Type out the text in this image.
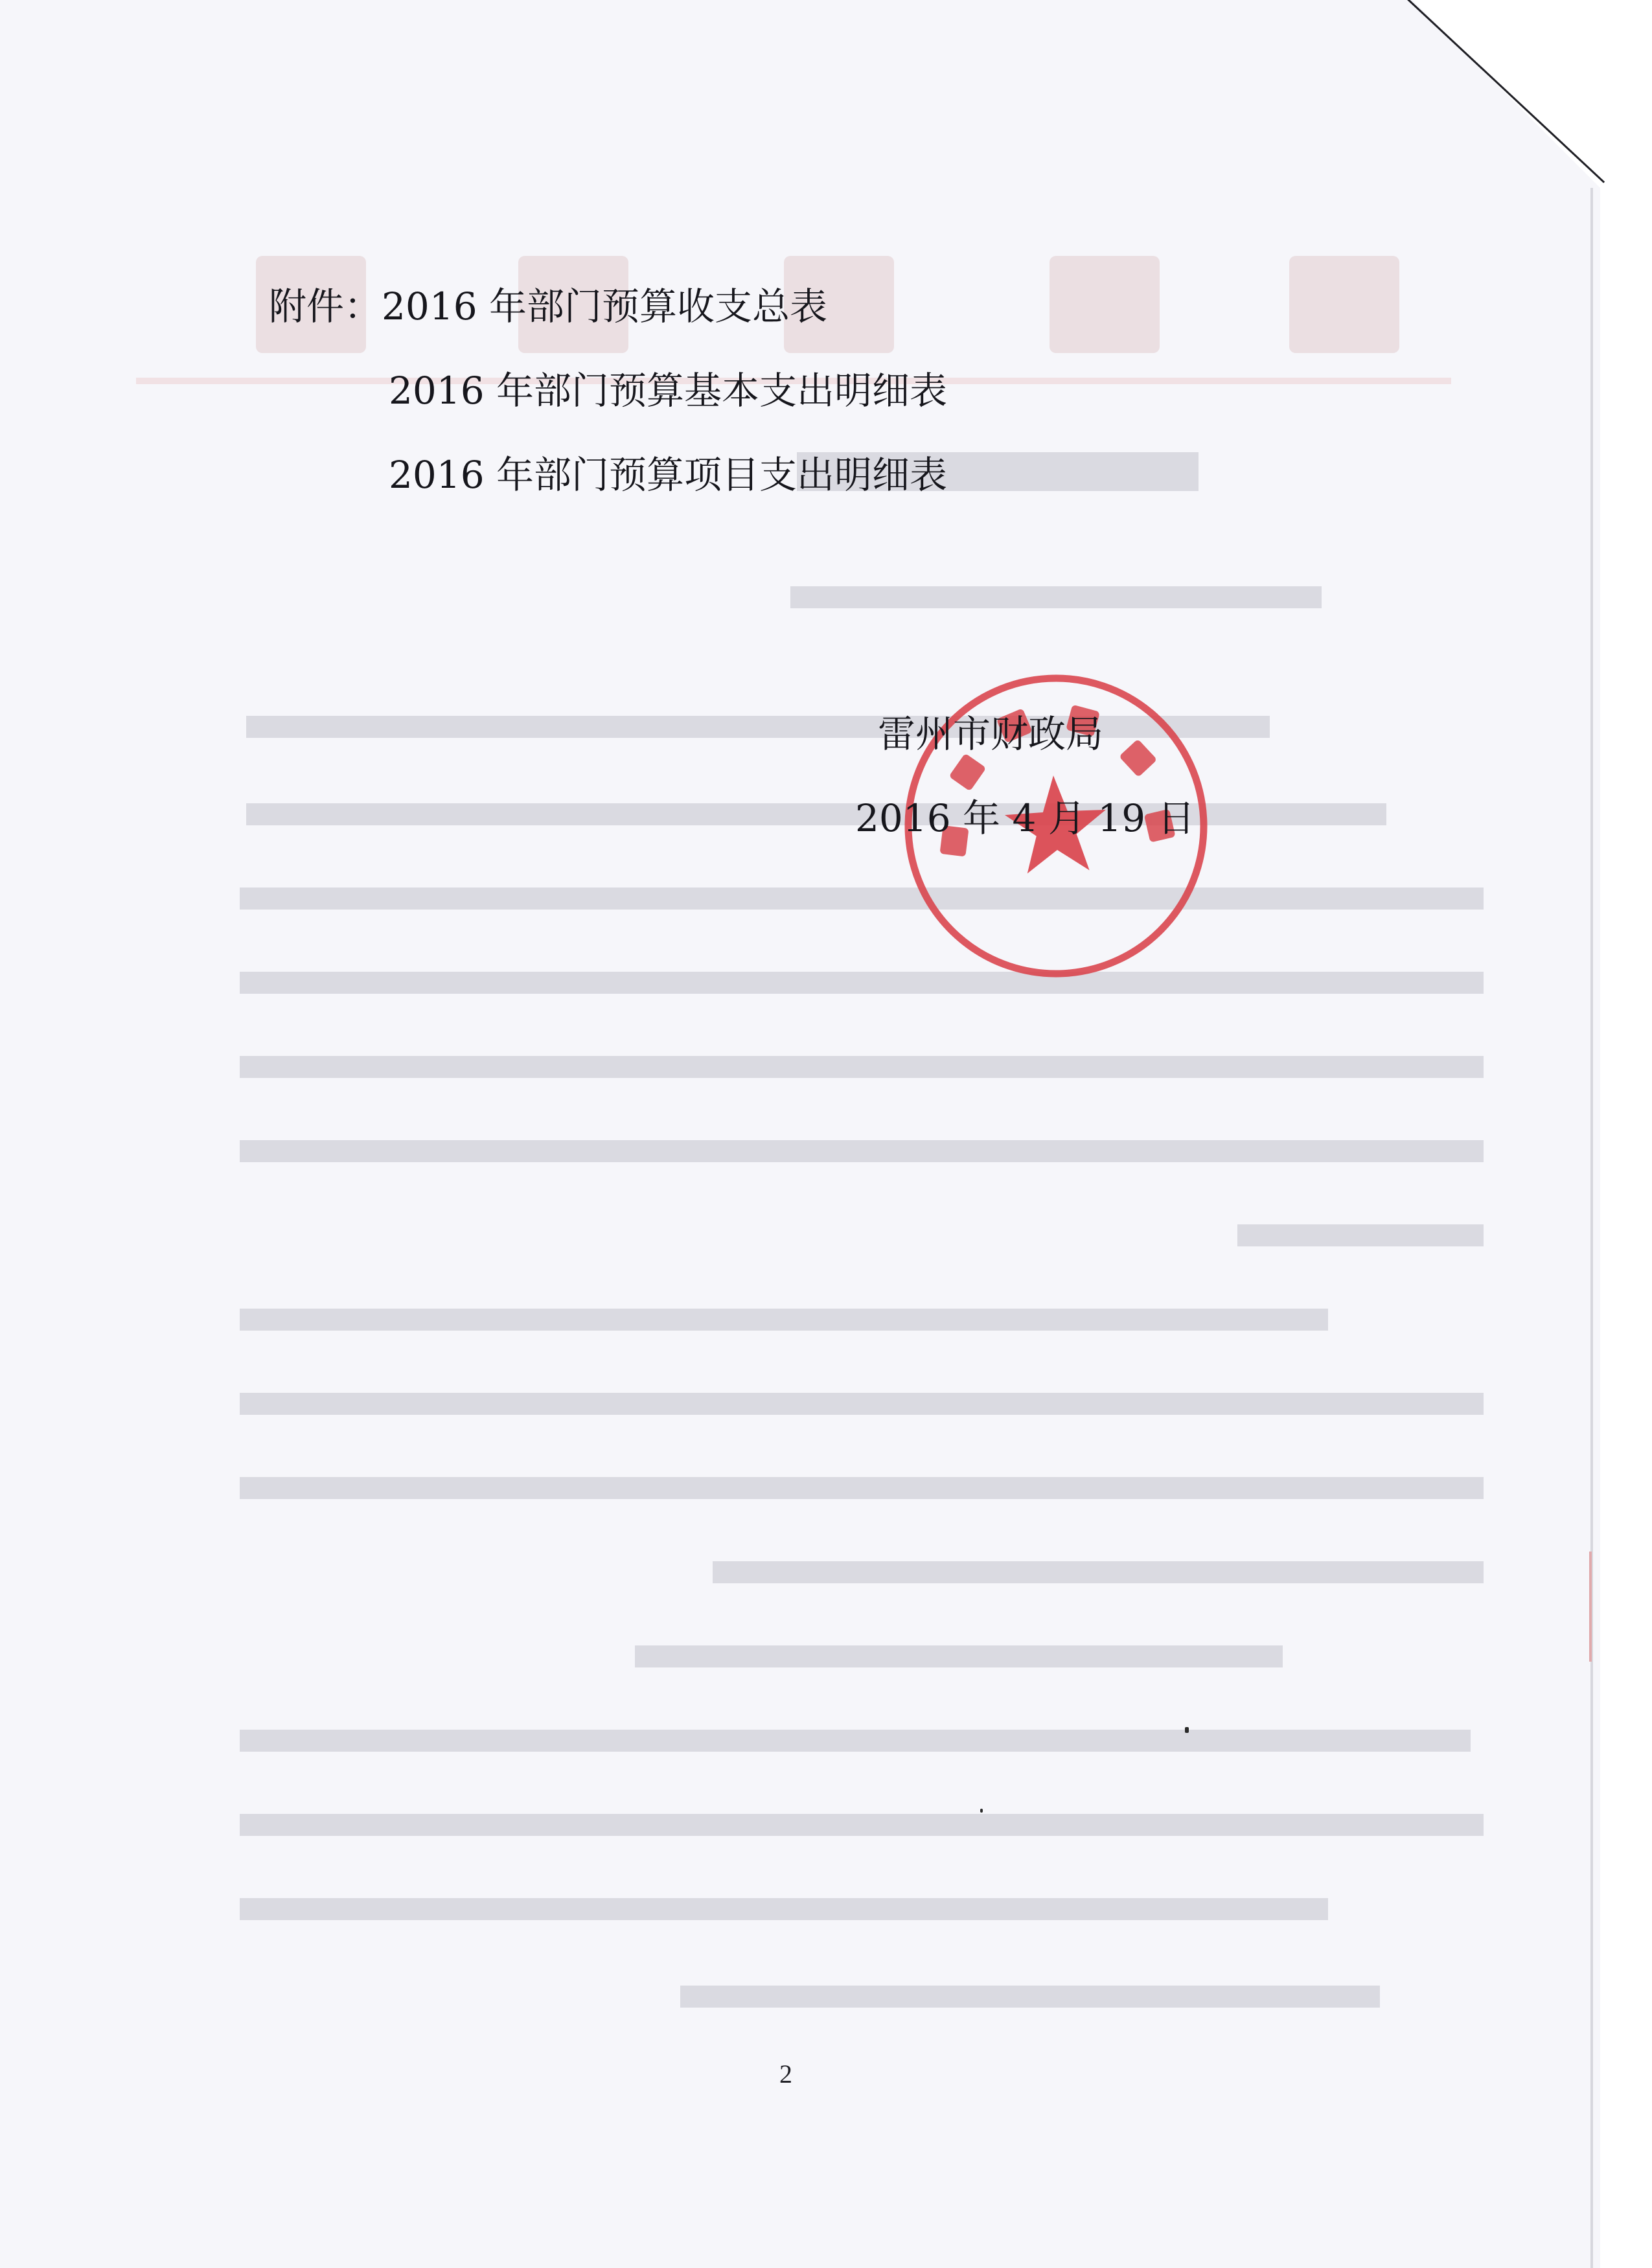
附件：2016 年部门预算收支总表

2016 年部门预算基本支出明细表

2016 年部门预算项目支出明细表

雷州市财政局

2016 年 4 月 19 日

2
